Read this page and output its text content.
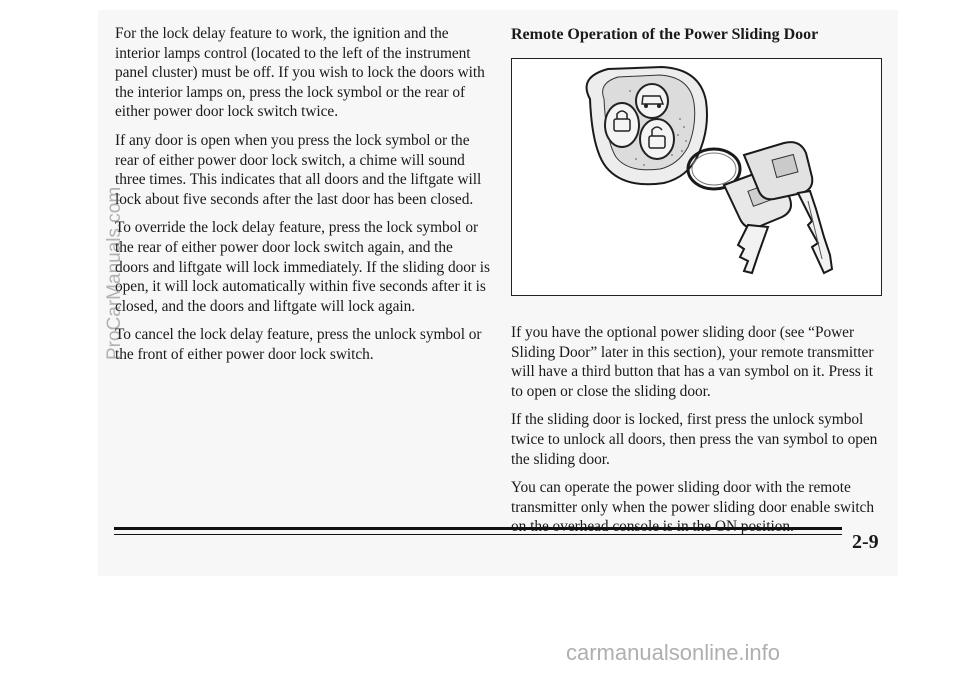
For the lock delay feature to work, the ignition and the interior lamps control (located to the left of the instrument panel cluster) must be off. If you wish to lock the doors with the interior lamps on, press the lock symbol or the rear of either power door lock switch twice.

If any door is open when you press the lock symbol or the rear of either power door lock switch, a chime will sound three times. This indicates that all doors and the liftgate will lock about five seconds after the last door has been closed.

To override the lock delay feature, press the lock symbol or the rear of either power door lock switch again, and the doors and liftgate will lock immediately. If the sliding door is open, it will lock automatically within five seconds after it is closed, and the doors and liftgate will lock again.

To cancel the lock delay feature, press the unlock symbol or the front of either power door lock switch.

Remote Operation of the Power Sliding Door

If you have the optional power sliding door (see “Power Sliding Door” later in this section), your remote transmitter will have a third button that has a van symbol on it. Press it to open or close the sliding door.

If the sliding door is locked, first press the unlock symbol twice to unlock all doors, then press the van symbol to open the sliding door.

You can operate the power sliding door with the remote transmitter only when the power sliding door enable switch

2-9
ProCarManuals.com
carmanualsonline.info
